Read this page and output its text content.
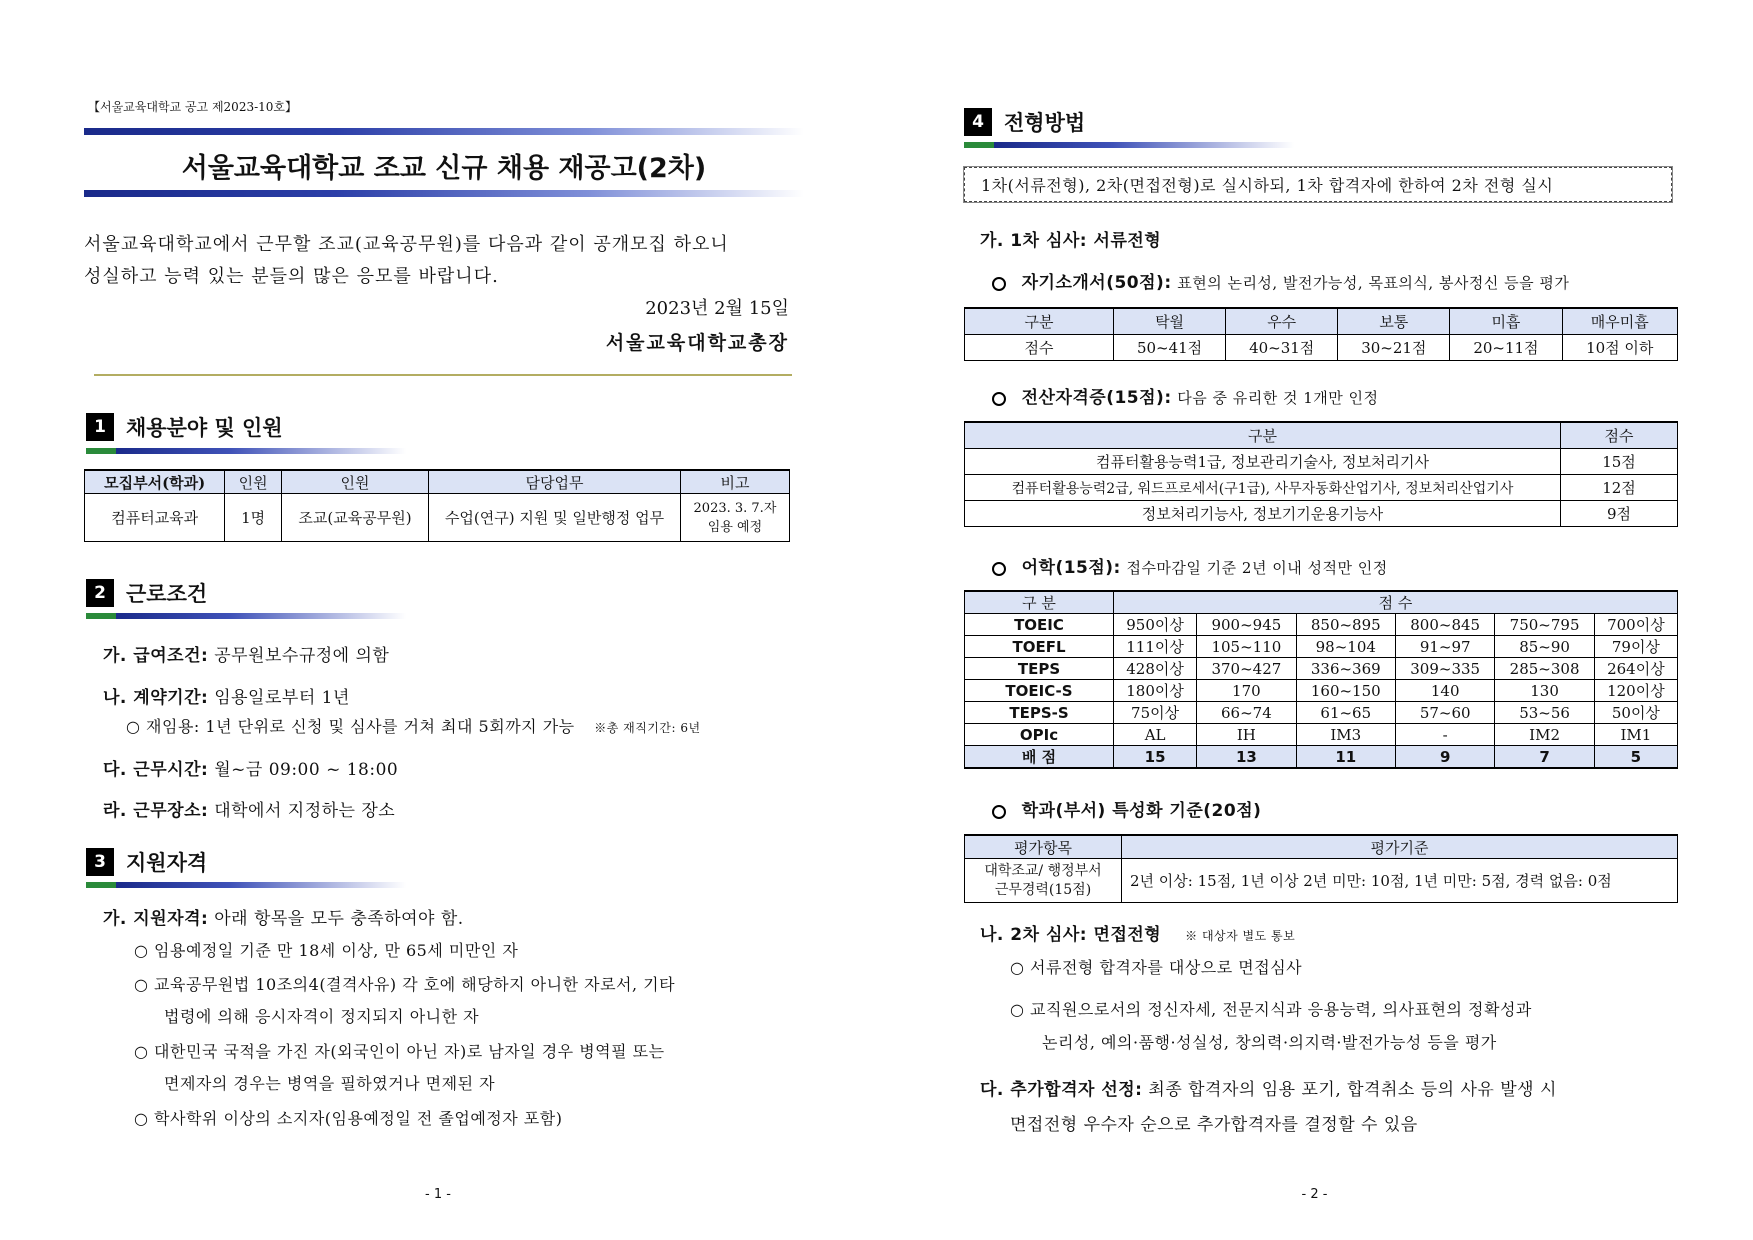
【서울교육대학교 공고 제2023-10호】
서울교육대학교 조교 신규 채용 재공고(2차)
서울교육대학교에서 근무할 조교(교육공무원)를 다음과 같이 공개모집 하오니
성실하고 능력 있는 분들의 많은 응모를 바랍니다.
2023년 2월 15일
서울교육대학교총장
1 채용분야 및 인원
모집부서(학과)	인원	인원	담당업무	비고
컴퓨터교육과	1명	조교(교육공무원)	수업(연구) 지원 및 일반행정 업무	2023. 3. 7.자
임용 예정
2 근로조건
가. 급여조건: 공무원보수규정에 의함
나. 계약기간: 임용일로부터 1년
○ 재임용: 1년 단위로 신청 및 심사를 거쳐 최대 5회까지 가능 ※총 재직기간: 6년
다. 근무시간: 월~금 09:00 ~ 18:00
라. 근무장소: 대학에서 지정하는 장소
3 지원자격
가. 지원자격: 아래 항목을 모두 충족하여야 함.
○ 임용예정일 기준 만 18세 이상, 만 65세 미만인 자
○ 교육공무원법 10조의4(결격사유) 각 호에 해당하지 아니한 자로서, 기타
법령에 의해 응시자격이 정지되지 아니한 자
○ 대한민국 국적을 가진 자(외국인이 아닌 자)로 남자일 경우 병역필 또는
면제자의 경우는 병역을 필하였거나 면제된 자
○ 학사학위 이상의 소지자(임용예정일 전 졸업예정자 포함)
- 1 -
4 전형방법
1차(서류전형), 2차(면접전형)로 실시하되, 1차 합격자에 한하여 2차 전형 실시
가. 1차 심사: 서류전형
자기소개서(50점): 표현의 논리성, 발전가능성, 목표의식, 봉사정신 등을 평가
구분	탁월	우수	보통	미흡	매우미흡
점수	50~41점	40~31점	30~21점	20~11점	10점 이하
전산자격증(15점): 다음 중 유리한 것 1개만 인정
구분	점수
컴퓨터활용능력1급, 정보관리기술사, 정보처리기사	15점
컴퓨터활용능력2급, 워드프로세서(구1급), 사무자동화산업기사, 정보처리산업기사	12점
정보처리기능사, 정보기기운용기능사	9점
어학(15점): 접수마감일 기준 2년 이내 성적만 인정
구 분	점 수					
TOEIC	950이상	900~945	850~895	800~845	750~795	700이상
TOEFL	111이상	105~110	98~104	91~97	85~90	79이상
TEPS	428이상	370~427	336~369	309~335	285~308	264이상
TOEIC-S	180이상	170	160~150	140	130	120이상
TEPS-S	75이상	66~74	61~65	57~60	53~56	50이상
OPIc	AL	IH	IM3	-	IM2	IM1
배 점	15	13	11	9	7	5
학과(부서) 특성화 기준(20점)
평가항목	평가기준

대학조교/ 행정부서
근무경력(15점)	2년 이상: 15점, 1년 이상 2년 미만: 10점, 1년 미만: 5점, 경력 없음: 0점
나. 2차 심사: 면접전형 ※ 대상자 별도 통보
○ 서류전형 합격자를 대상으로 면접심사
○ 교직원으로서의 정신자세, 전문지식과 응용능력, 의사표현의 정확성과
논리성, 예의·품행·성실성, 창의력·의지력·발전가능성 등을 평가
다. 추가합격자 선정: 최종 합격자의 임용 포기, 합격취소 등의 사유 발생 시
면접전형 우수자 순으로 추가합격자를 결정할 수 있음
- 2 -
